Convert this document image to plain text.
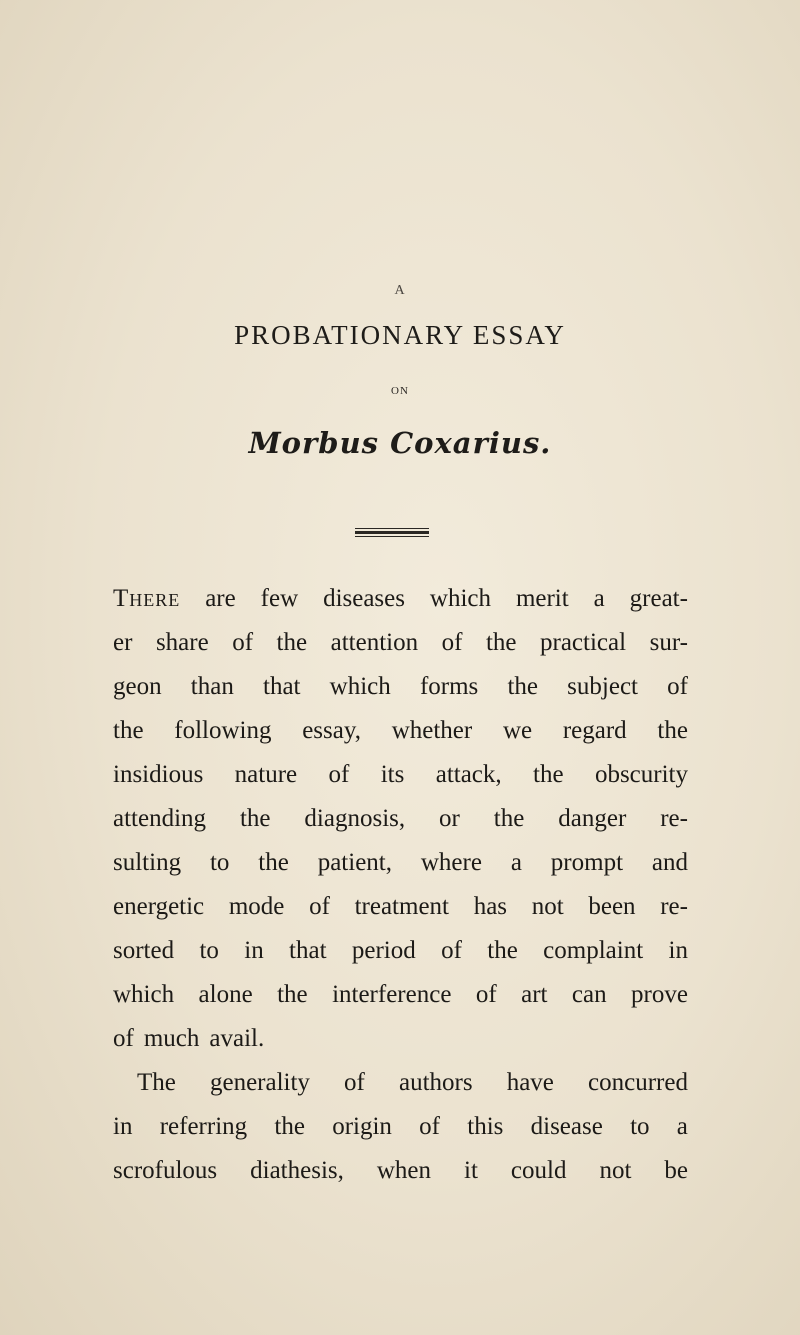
A
PROBATIONARY ESSAY
ON
Morbus Coxarius.
There are few diseases which merit a great-
er share of the attention of the practical sur-
geon than that which forms the subject of
the following essay, whether we regard the
insidious nature of its attack, the obscurity
attending the diagnosis, or the danger re-
sulting to the patient, where a prompt and
energetic mode of treatment has not been re-
sorted to in that period of the complaint in
which alone the interference of art can prove
of much avail.
The generality of authors have concurred
in referring the origin of this disease to a
scrofulous diathesis, when it could not be
